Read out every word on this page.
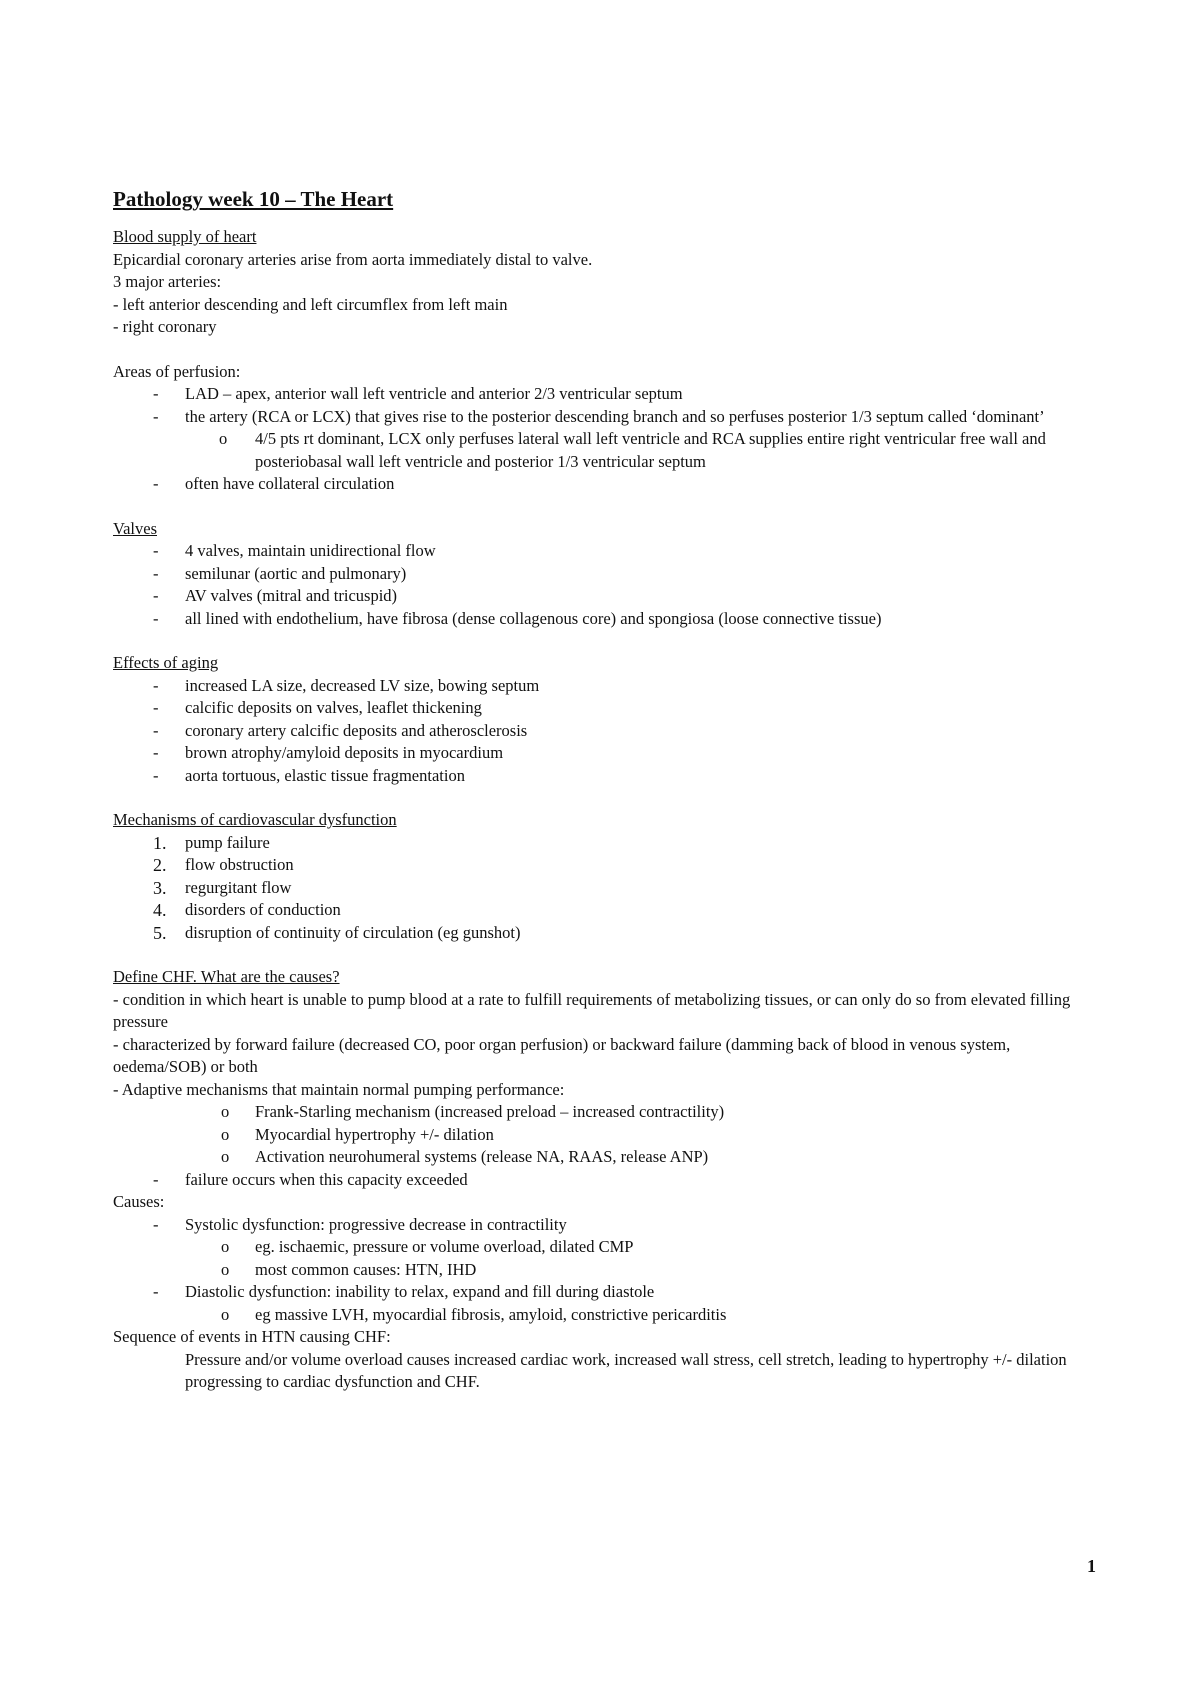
Pathology week 10 – The Heart
Blood supply of heart
Epicardial coronary arteries arise from aorta immediately distal to valve.
3 major arteries:
- left anterior descending and left circumflex from left main
- right coronary
Areas of perfusion:
-	LAD – apex, anterior wall left ventricle and anterior 2/3 ventricular septum
-	the artery (RCA or LCX) that gives rise to the posterior descending branch and so perfuses posterior 1/3 septum called ‘dominant’
o	4/5 pts rt dominant, LCX only perfuses lateral wall left ventricle and RCA supplies entire right ventricular free wall and posteriobasal wall left ventricle and posterior 1/3 ventricular septum
-	often have collateral circulation
Valves
-	4 valves, maintain unidirectional flow
-	semilunar (aortic and pulmonary)
-	AV valves (mitral and tricuspid)
-	all lined with endothelium, have fibrosa (dense collagenous core) and spongiosa (loose connective tissue)
Effects of aging
-	increased LA size, decreased LV size, bowing septum
-	calcific deposits on valves, leaflet thickening
-	coronary artery calcific deposits and atherosclerosis
-	brown atrophy/amyloid deposits in myocardium
-	aorta tortuous, elastic tissue fragmentation
Mechanisms of cardiovascular dysfunction
1.	pump failure
2.	flow obstruction
3.	regurgitant flow
4.	disorders of conduction
5.	disruption of continuity of circulation (eg gunshot)
Define CHF. What are the causes?
- condition in which heart is unable to pump blood at a rate to fulfill requirements of metabolizing tissues, or can only do so from elevated filling pressure
- characterized by forward failure (decreased CO, poor organ perfusion) or backward failure (damming back of blood in venous system, oedema/SOB) or both
- Adaptive mechanisms that maintain normal pumping performance:
o	Frank-Starling mechanism (increased preload – increased contractility)
o	Myocardial hypertrophy +/- dilation
o	Activation neurohumeral systems (release NA, RAAS, release ANP)
-	failure occurs when this capacity exceeded
Causes:
-	Systolic dysfunction: progressive decrease in contractility
o	eg. ischaemic, pressure or volume overload, dilated CMP
o	most common causes: HTN, IHD
-	Diastolic dysfunction: inability to relax, expand and fill during diastole
o	eg massive LVH, myocardial fibrosis, amyloid, constrictive pericarditis
Sequence of events in HTN causing CHF:
Pressure and/or volume overload causes increased cardiac work, increased wall stress, cell stretch, leading to hypertrophy +/- dilation progressing to cardiac dysfunction and CHF.
1
